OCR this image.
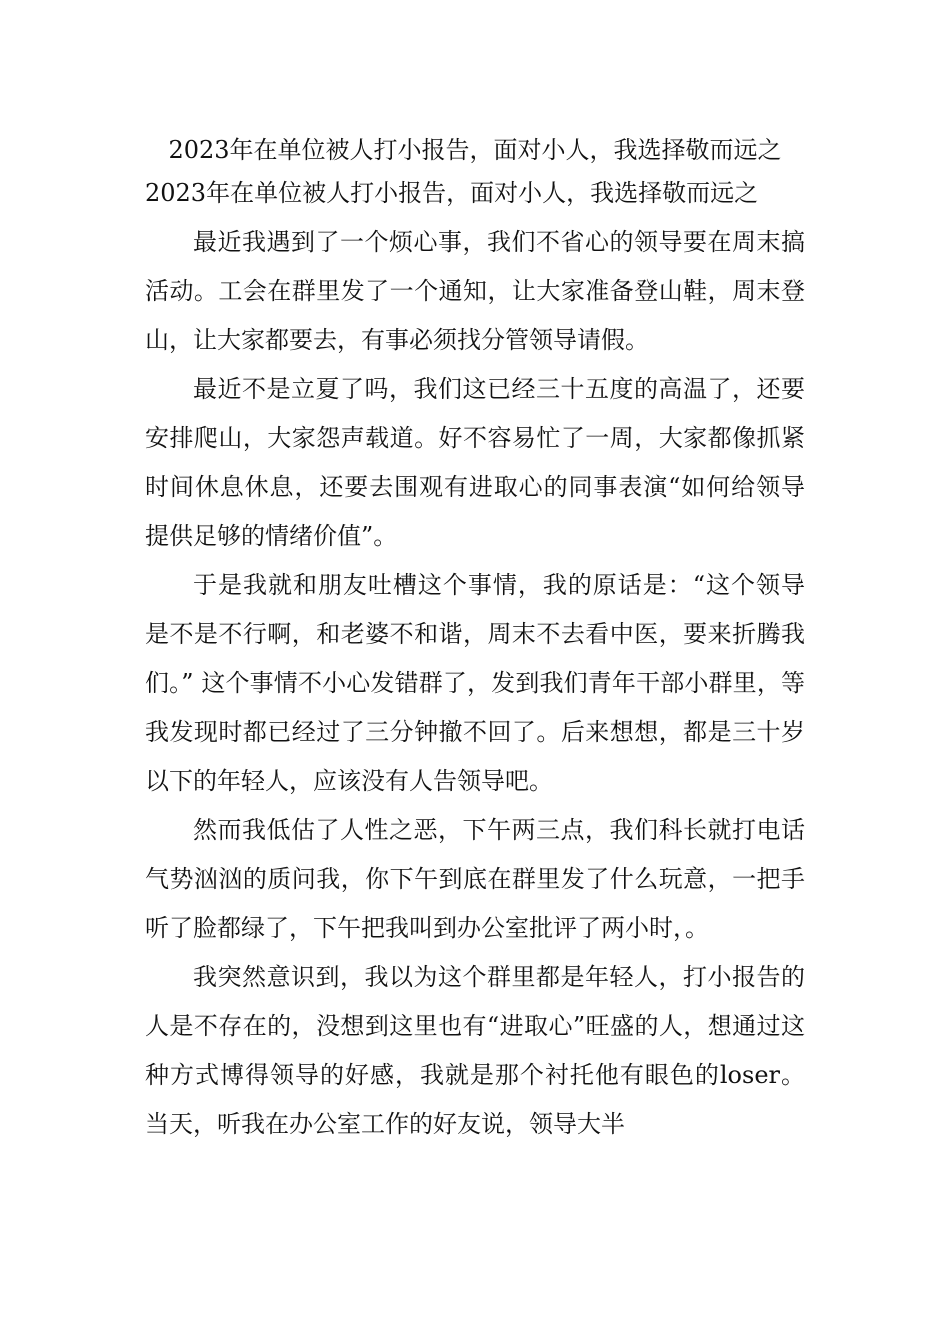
2023年在单位被人打小报告，面对小人，我选择敬而远之
2023年在单位被人打小报告，面对小人，我选择敬而远之

最近我遇到了一个烦心事，我们不省心的领导要在周末搞活动。工会在群里发了一个通知，让大家准备登山鞋，周末登山，让大家都要去，有事必须找分管领导请假。

最近不是立夏了吗，我们这已经三十五度的高温了，还要安排爬山，大家怨声载道。好不容易忙了一周，大家都像抓紧时间休息休息，还要去围观有进取心的同事表演“如何给领导提供足够的情绪价值”。

于是我就和朋友吐槽这个事情，我的原话是：“这个领导是不是不行啊，和老婆不和谐，周末不去看中医，要来折腾我们。” 这个事情不小心发错群了，发到我们青年干部小群里，等我发现时都已经过了三分钟撤不回了。后来想想，都是三十岁以下的年轻人，应该没有人告领导吧。

然而我低估了人性之恶，下午两三点，我们科长就打电话气势汹汹的质问我，你下午到底在群里发了什么玩意，一把手听了脸都绿了，下午把我叫到办公室批评了两小时，。

我突然意识到，我以为这个群里都是年轻人，打小报告的人是不存在的，没想到这里也有“进取心”旺盛的人，想通过这种方式博得领导的好感，我就是那个衬托他有眼色的loser。当天，听我在办公室工作的好友说，领导大半
